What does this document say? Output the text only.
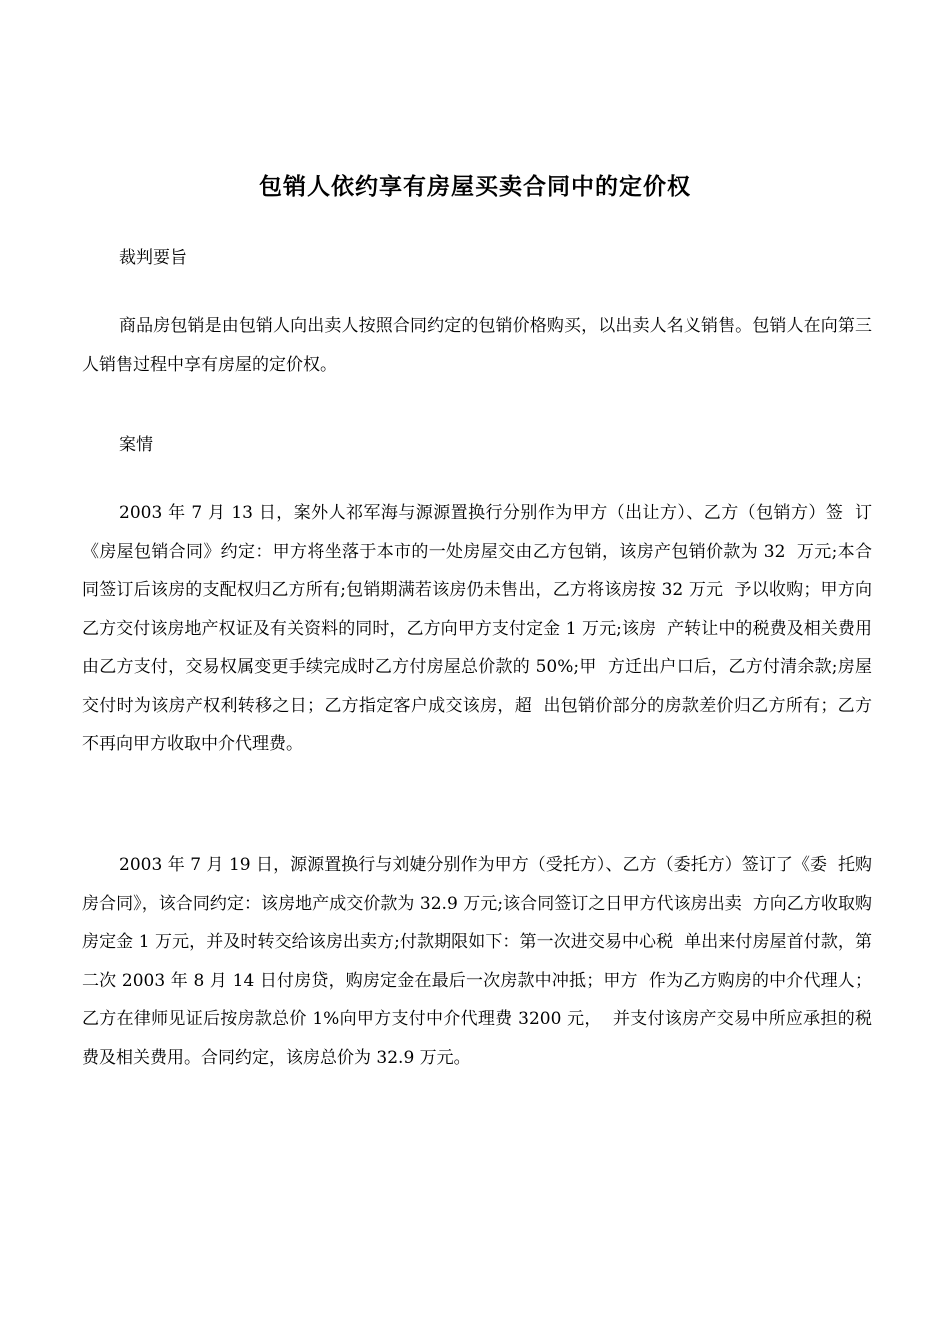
包销人依约享有房屋买卖合同中的定价权
裁判要旨

商品房包销是由包销人向出卖人按照合同约定的包销价格购买，以出卖人名义销售。包销人在向第三人销售过程中享有房屋的定价权。

案情

2003 年 7 月 13 日，案外人祁军海与源源置换行分别作为甲方（出让方）、乙方（包销方）签  订《房屋包销合同》约定：甲方将坐落于本市的一处房屋交由乙方包销，该房产包销价款为 32  万元;本合同签订后该房的支配权归乙方所有;包销期满若该房仍未售出，乙方将该房按 32 万元  予以收购；甲方向乙方交付该房地产权证及有关资料的同时，乙方向甲方支付定金 1 万元;该房  产转让中的税费及相关费用由乙方支付，交易权属变更手续完成时乙方付房屋总价款的 50%;甲  方迁出户口后，乙方付清余款;房屋交付时为该房产权利转移之日；乙方指定客户成交该房，超  出包销价部分的房款差价归乙方所有；乙方不再向甲方收取中介代理费。

2003 年 7 月 19 日，源源置换行与刘婕分别作为甲方（受托方）、乙方（委托方）签订了《委  托购房合同》，该合同约定：该房地产成交价款为 32.9 万元;该合同签订之日甲方代该房出卖  方向乙方收取购房定金 1 万元，并及时转交给该房出卖方;付款期限如下：第一次进交易中心税  单出来付房屋首付款，第二次 2003 年 8 月 14 日付房贷，购房定金在最后一次房款中冲抵；甲方  作为乙方购房的中介代理人；乙方在律师见证后按房款总价 1%向甲方支付中介代理费 3200 元，  并支付该房产交易中所应承担的税费及相关费用。合同约定，该房总价为 32.9 万元。
